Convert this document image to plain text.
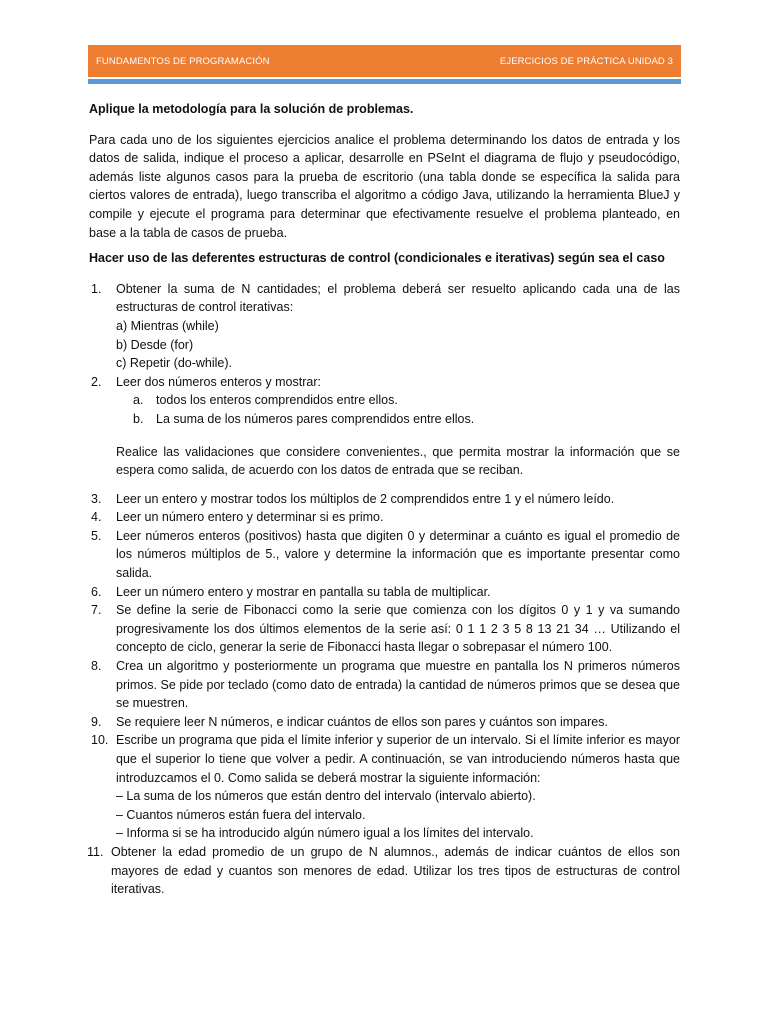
FUNDAMENTOS DE PROGRAMACIÓN	EJERCICIOS DE PRÁCTICA UNIDAD 3

Aplique la metodología para la solución de problemas.

Para cada uno de los siguientes ejercicios analice el problema determinando los datos de entrada y los datos de salida, indique el proceso a aplicar, desarrolle en PSeInt el diagrama de flujo y pseudocódigo, además liste algunos casos para la prueba de escritorio (una tabla donde se específica la salida para ciertos valores de entrada), luego transcriba el algoritmo a código Java, utilizando la herramienta BlueJ y compile y ejecute el programa para determinar que efectivamente resuelve el problema planteado, en base a la tabla de casos de prueba.

Hacer uso de las deferentes estructuras de control (condicionales e iterativas) según sea el caso

1. Obtener la suma de N cantidades; el problema deberá ser resuelto aplicando cada una de las estructuras de control iterativas:
a) Mientras (while)
b) Desde (for)
c) Repetir (do-while).
2. Leer dos números enteros y mostrar:
a. todos los enteros comprendidos entre ellos.
b. La suma de los números pares comprendidos entre ellos.

Realice las validaciones que considere convenientes., que permita mostrar la información que se espera como salida, de acuerdo con los datos de entrada que se reciban.

3. Leer un entero y mostrar todos los múltiplos de 2 comprendidos entre 1 y el número leído.
4. Leer un número entero y determinar si es primo.
5. Leer números enteros (positivos) hasta que digiten 0 y determinar a cuánto es igual el promedio de los números múltiplos de 5., valore y determine la información que es importante presentar como salida.
6. Leer un número entero y mostrar en pantalla su tabla de multiplicar.
7. Se define la serie de Fibonacci como la serie que comienza con los dígitos 0 y 1 y va sumando progresivamente los dos últimos elementos de la serie así: 0 1 1 2 3 5 8 13 21 34 … Utilizando el concepto de ciclo, generar la serie de Fibonacci hasta llegar o sobrepasar el número 100.
8. Crea un algoritmo y posteriormente un programa que muestre en pantalla los N primeros números primos. Se pide por teclado (como dato de entrada) la cantidad de números primos que se desea que se muestren.
9. Se requiere leer N números, e indicar cuántos de ellos son pares y cuántos son impares.
10. Escribe un programa que pida el límite inferior y superior de un intervalo. Si el límite inferior es mayor que el superior lo tiene que volver a pedir. A continuación, se van introduciendo números hasta que introduzcamos el 0. Como salida se deberá mostrar la siguiente información:
– La suma de los números que están dentro del intervalo (intervalo abierto).
– Cuantos números están fuera del intervalo.
– Informa si se ha introducido algún número igual a los límites del intervalo.
11. Obtener la edad promedio de un grupo de N alumnos., además de indicar cuántos de ellos son mayores de edad y cuantos son menores de edad. Utilizar los tres tipos de estructuras de control iterativas.
